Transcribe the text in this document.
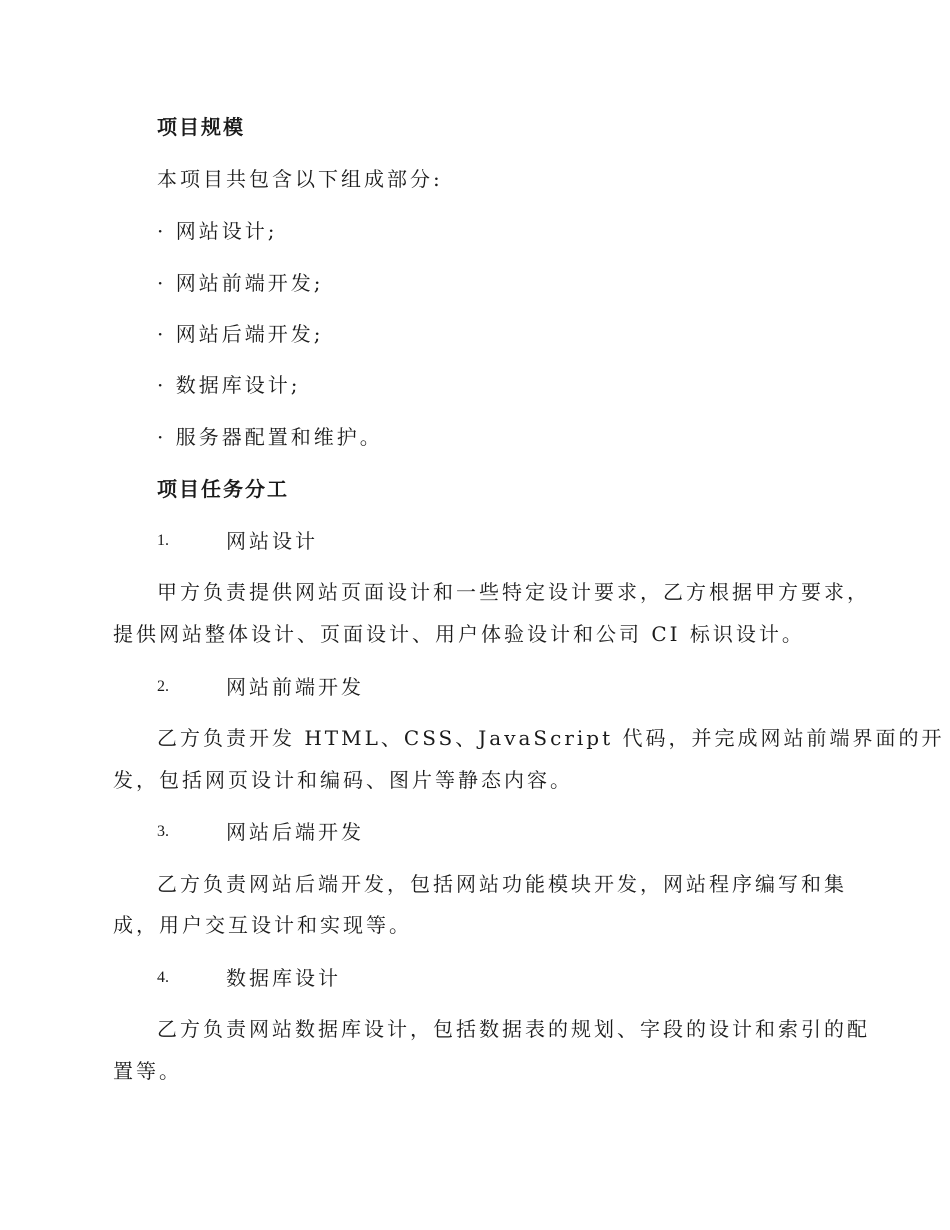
项目规模
本项目共包含以下组成部分:
· 网站设计;
· 网站前端开发;
· 网站后端开发;
· 数据库设计;
· 服务器配置和维护。
项目任务分工
1.	网站设计
甲方负责提供网站页面设计和一些特定设计要求，乙方根据甲方要求，
提供网站整体设计、页面设计、用户体验设计和公司 CI 标识设计。
2.	网站前端开发
乙方负责开发 HTML、CSS、JavaScript 代码，并完成网站前端界面的开
发，包括网页设计和编码、图片等静态内容。
3.	网站后端开发
乙方负责网站后端开发，包括网站功能模块开发，网站程序编写和集
成，用户交互设计和实现等。
4.	数据库设计
乙方负责网站数据库设计，包括数据表的规划、字段的设计和索引的配
置等。
